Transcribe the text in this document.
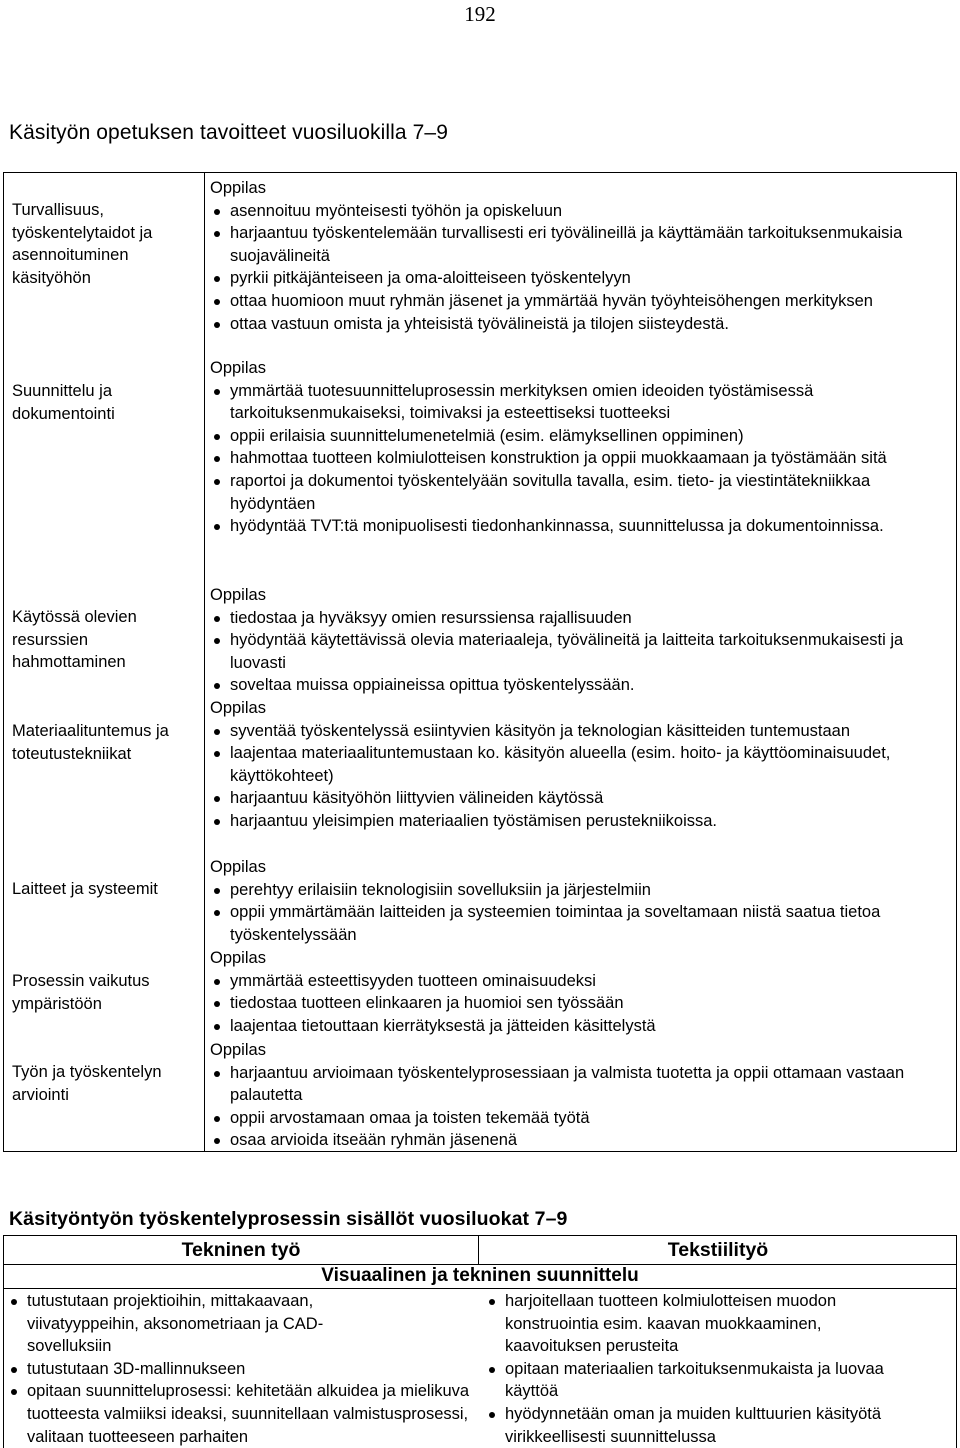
192
Käsityön opetuksen tavoitteet vuosiluokilla 7–9
Turvallisuus, työskentelytaidot ja asennoituminen käsityöhön
Suunnittelu ja dokumentointi
Käytössä olevien resurssien hahmottaminen
Materiaalituntemus ja toteutustekniikat
Laitteet ja systeemit
Prosessin vaikutus ympäristöön
Työn ja työskentelyn arviointi
Oppilas
asennoituu myönteisesti työhön ja opiskeluun
harjaantuu työskentelemään turvallisesti eri työvälineillä ja käyttämään tarkoituksenmukaisia suojavälineitä
pyrkii pitkäjänteiseen ja oma-aloitteiseen työskentelyyn
ottaa huomioon muut ryhmän jäsenet ja ymmärtää hyvän työyhteisöhengen merkityksen
ottaa vastuun omista ja yhteisistä työvälineistä ja tilojen siisteydestä.
Oppilas
ymmärtää tuotesuunnitteluprosessin merkityksen omien ideoiden työstämisessä tarkoituksenmukaiseksi, toimivaksi ja esteettiseksi tuotteeksi
oppii erilaisia suunnittelumenetelmiä (esim. elämyksellinen oppiminen)
hahmottaa tuotteen kolmiulotteisen konstruktion ja oppii muokkaamaan ja työstämään sitä
raportoi ja dokumentoi työskentelyään sovitulla tavalla, esim. tieto- ja viestintätekniikkaa hyödyntäen
hyödyntää TVT:tä monipuolisesti tiedonhankinnassa, suunnittelussa ja dokumentoinnissa.
Oppilas
tiedostaa ja hyväksyy omien resurssiensa rajallisuuden
hyödyntää käytettävissä olevia materiaaleja, työvälineitä ja laitteita tarkoituksenmukaisesti ja luovasti
soveltaa muissa oppiaineissa opittua työskentelyssään.
Oppilas
syventää työskentelyssä esiintyvien käsityön ja teknologian käsitteiden tuntemustaan
laajentaa materiaalituntemustaan ko. käsityön alueella (esim. hoito- ja käyttöominaisuudet, käyttökohteet)
harjaantuu käsityöhön liittyvien välineiden käytössä
harjaantuu yleisimpien materiaalien työstämisen perustekniikoissa.
Oppilas
perehtyy erilaisiin teknologisiin sovelluksiin ja järjestelmiin
oppii ymmärtämään laitteiden ja systeemien toimintaa ja soveltamaan niistä saatua tietoa työskentelyssään
Oppilas
ymmärtää esteettisyyden tuotteen ominaisuudeksi
tiedostaa tuotteen elinkaaren ja huomioi sen työssään
laajentaa tietouttaan kierrätyksestä ja jätteiden käsittelystä
Oppilas
harjaantuu arvioimaan työskentelyprosessiaan ja valmista tuotetta ja oppii ottamaan vastaan palautetta
oppii arvostamaan omaa ja toisten tekemää työtä
osaa arvioida itseään ryhmän jäsenenä
Käsityöntyön työskentelyprosessin sisällöt vuosiluokat 7–9
Tekninen työ	Tekstiilityö
Visuaalinen ja tekninen suunnittelu
tutustutaan projektioihin, mittakaavaan, viivatyyppeihin, aksonometriaan ja CAD-sovelluksiin
tutustutaan 3D-mallinnukseen
opitaan suunnitteluprosessi: kehitetään alkuidea ja mielikuva tuotteesta valmiiksi ideaksi, suunnitellaan valmistusprosessi, valitaan tuotteeseen parhaiten
harjoitellaan tuotteen kolmiulotteisen muodon konstruointia esim. kaavan muokkaaminen, kaavoituksen perusteita
opitaan materiaalien tarkoituksenmukaista ja luovaa käyttöä
hyödynnetään oman ja muiden kulttuurien käsityötä virikkeellisesti suunnittelussa
